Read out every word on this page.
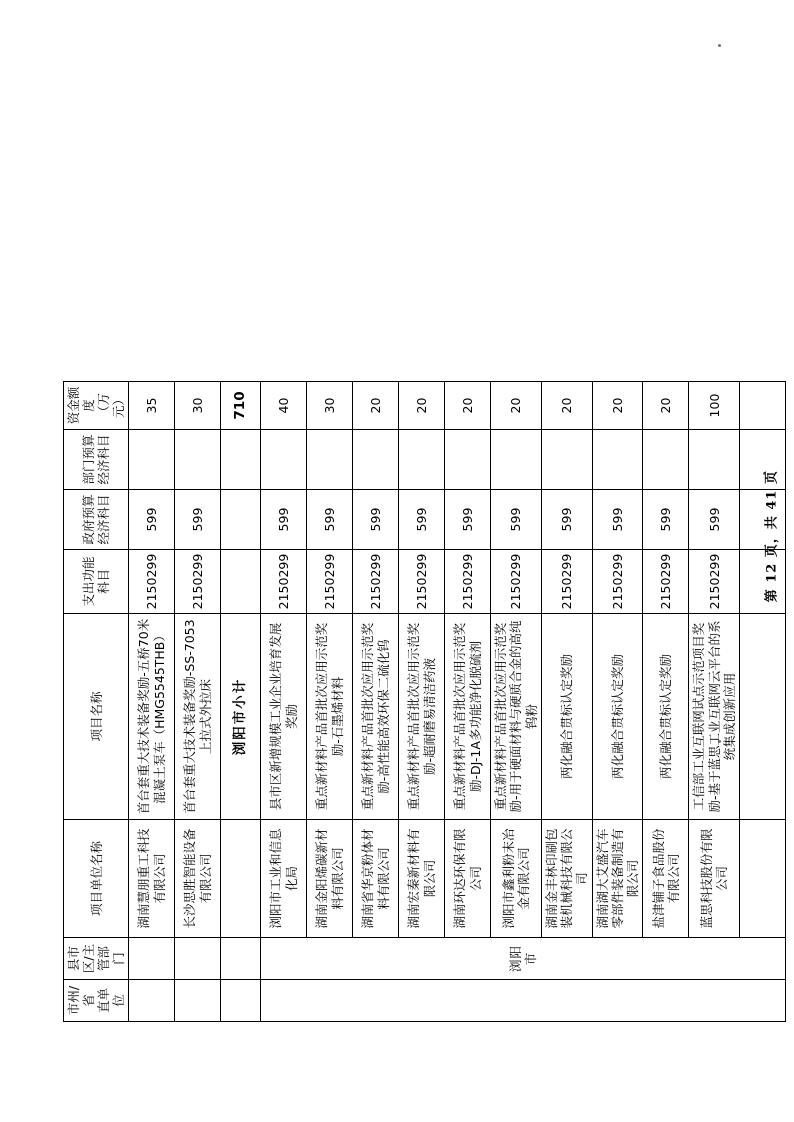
第 12 页，共 41 页
市州/省 直单位	县市区/主 管部门	项目单位名称	项目名称	支出功能 科目	政府预算 经济科目	部门预算 经济科目	资金额度 （万元）

		湖南慧朋重工科技有限公司	首台套重大技术装备奖励-五桥70米混凝土泵车（HMG5545THB）	2150299	599		35
		长沙思胜智能设备有限公司	首台套重大技术装备奖励-SS-7053上拉式外拉床	2150299	599		30
			浏阳市小计				710
	浏阳市	浏阳市工业和信息化局	县市区新增规模工业企业培育发展奖励	2150299	599		40
		湖南金阳烯碳新材料有限公司	重点新材料产品首批次应用示范奖励-石墨烯材料	2150299	599		30
		湖南省华京粉体材料有限公司	重点新材料产品首批次应用示范奖励-高性能高效环保二硫化钨	2150299	599		20
		湖南宏秦新材料有限公司	重点新材料产品首批次应用示范奖励-超耐磨易清洁药液	2150299	599		20
		湖南环达环保有限公司	重点新材料产品首批次应用示范奖励-DJ-1A多功能净化脱硫剂	2150299	599		20
		浏阳市鑫利粉末冶金有限公司	重点新材料产品首批次应用示范奖励-用于硬面材料与硬质合金的高纯钨粉	2150299	599		20
		湖南金丰林印刷包装机械科技有限公司	两化融合贯标认定奖励	2150299	599		20
		湖南湖大艾盛汽车零部件装备制造有限公司	两化融合贯标认定奖励	2150299	599		20
		盐津铺子食品股份有限公司	两化融合贯标认定奖励	2150299	599		20
		蓝思科技股份有限公司	工信部工业互联网试点示范项目奖励-基于蓝思工业互联网云平台的系统集成创新应用	2150299	599		100
